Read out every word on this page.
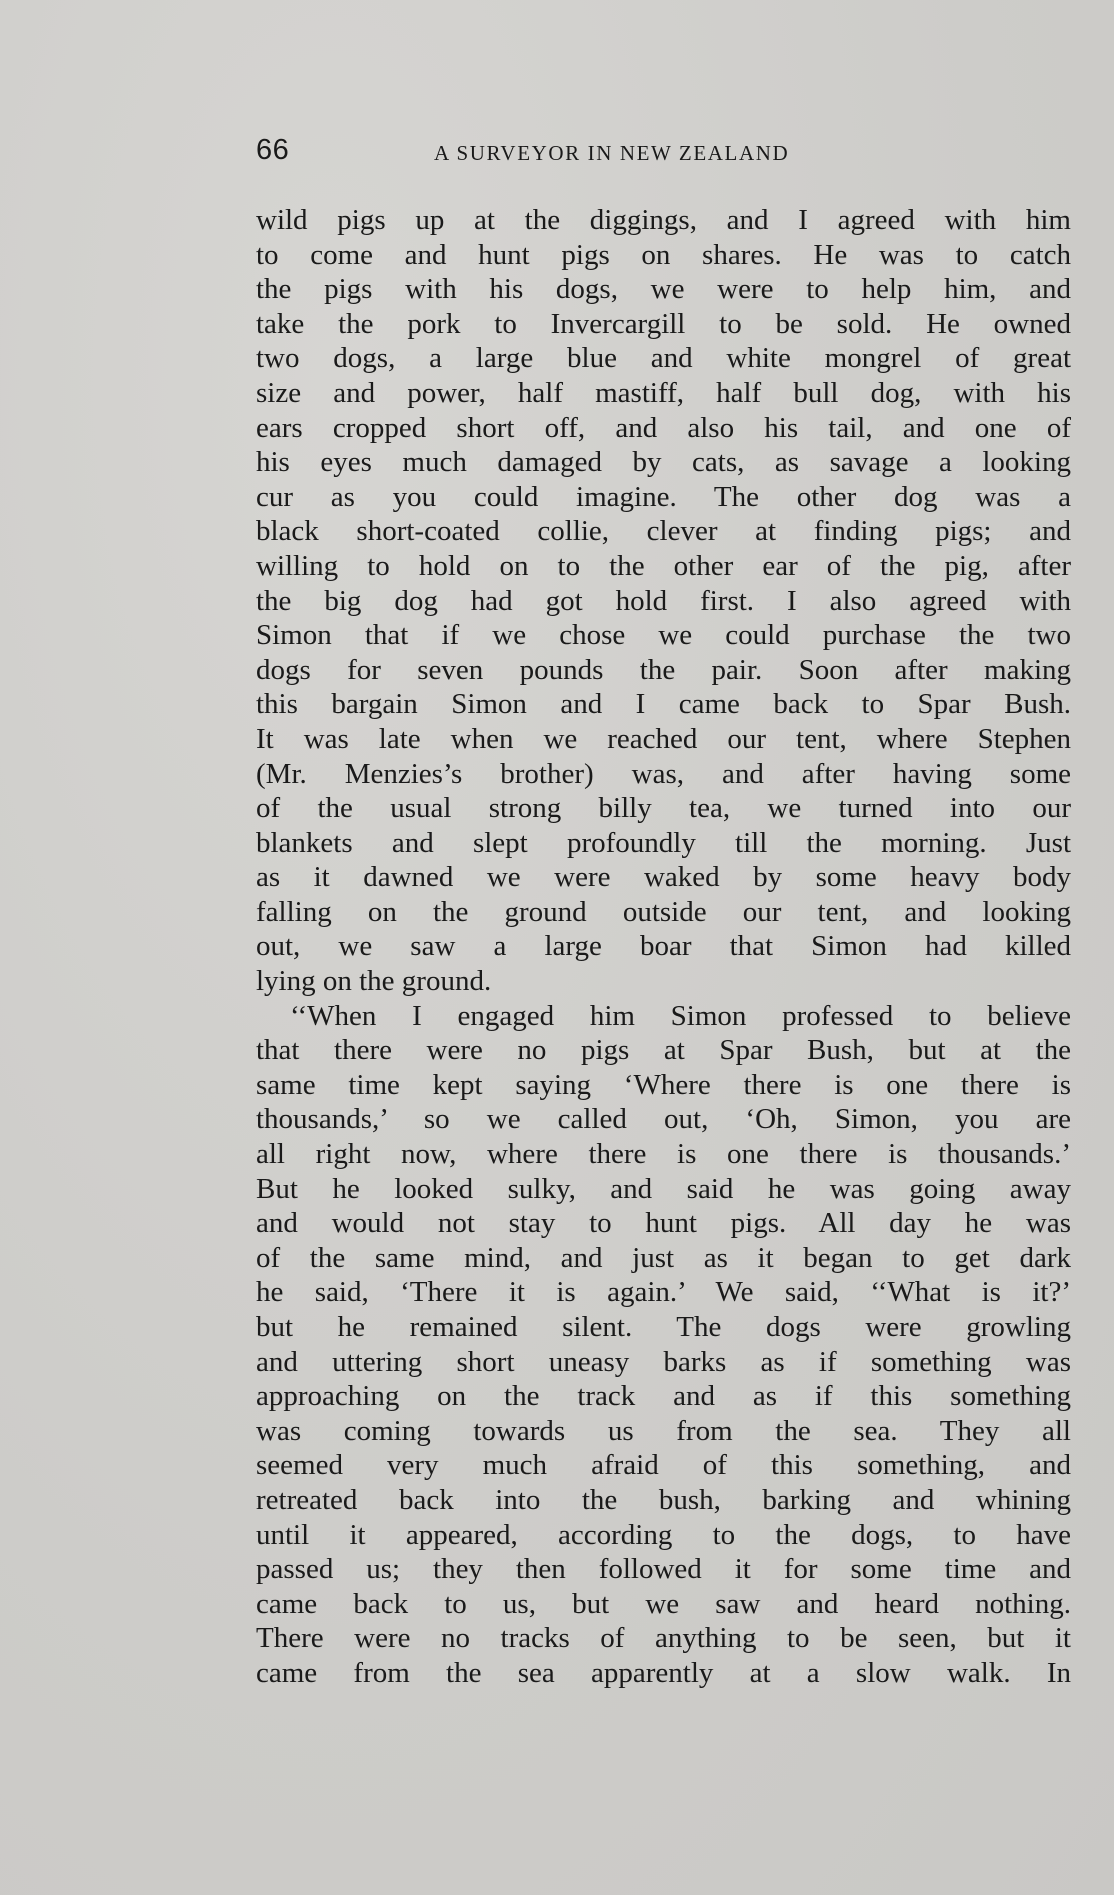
66	A SURVEYOR IN NEW ZEALAND
wild pigs up at the diggings, and I agreed with him
to come and hunt pigs on shares. He was to catch
the pigs with his dogs, we were to help him, and
take the pork to Invercargill to be sold. He owned
two dogs, a large blue and white mongrel of great
size and power, half mastiff, half bull dog, with his
ears cropped short off, and also his tail, and one of
his eyes much damaged by cats, as savage a looking
cur as you could imagine. The other dog was a
black short-coated collie, clever at finding pigs; and
willing to hold on to the other ear of the pig, after
the big dog had got hold first. I also agreed with
Simon that if we chose we could purchase the two
dogs for seven pounds the pair. Soon after making
this bargain Simon and I came back to Spar Bush.
It was late when we reached our tent, where Stephen
(Mr. Menzies’s brother) was, and after having some
of the usual strong billy tea, we turned into our
blankets and slept profoundly till the morning. Just
as it dawned we were waked by some heavy body
falling on the ground outside our tent, and looking
out, we saw a large boar that Simon had killed
lying on the ground.
‘‘When I engaged him Simon professed to believe
that there were no pigs at Spar Bush, but at the
same time kept saying ‘Where there is one there is
thousands,’ so we called out, ‘Oh, Simon, you are
all right now, where there is one there is thousands.’
But he looked sulky, and said he was going away
and would not stay to hunt pigs. All day he was
of the same mind, and just as it began to get dark
he said, ‘There it is again.’ We said, ‘‘What is it?’
but he remained silent. The dogs were growling
and uttering short uneasy barks as if something was
approaching on the track and as if this something
was coming towards us from the sea. They all
seemed very much afraid of this something, and
retreated back into the bush, barking and whining
until it appeared, according to the dogs, to have
passed us; they then followed it for some time and
came back to us, but we saw and heard nothing.
There were no tracks of anything to be seen, but it
came from the sea apparently at a slow walk. In
